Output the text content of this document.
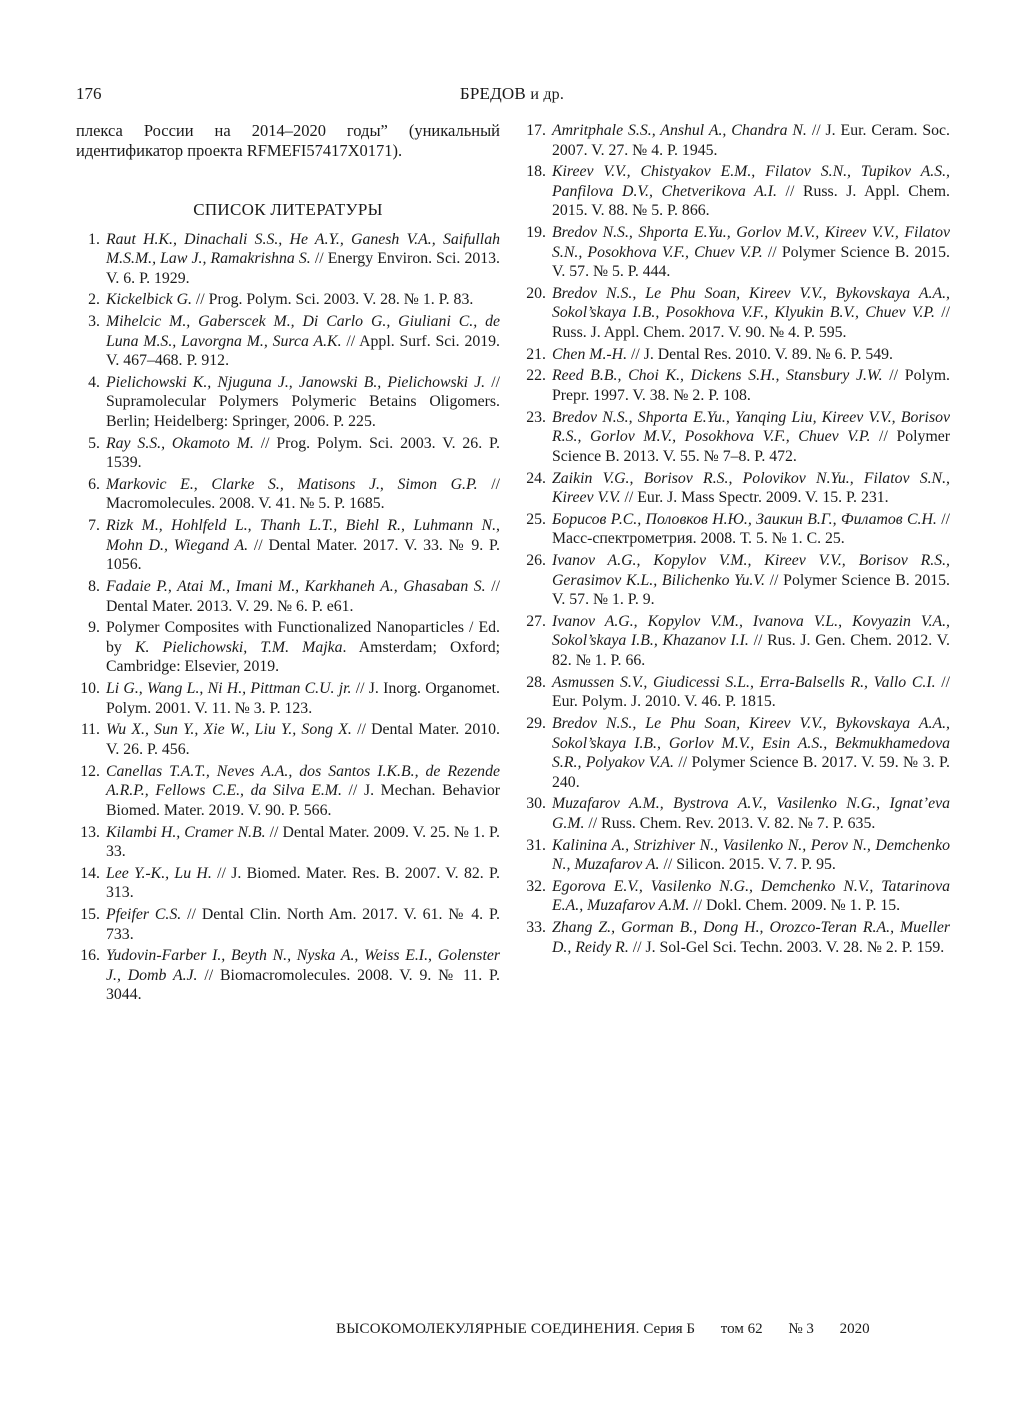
176	БРЕДОВ и др.

плекса России на 2014–2020 годы” (уникальный идентификатор проекта RFMEFI57417X0171).

СПИСОК ЛИТЕРАТУРЫ
1. Raut H.K., Dinachali S.S., He A.Y., Ganesh V.A., Saifullah M.S.M., Law J., Ramakrishna S. // Energy Environ. Sci. 2013. V. 6. P. 1929.
2. Kickelbick G. // Prog. Polym. Sci. 2003. V. 28. № 1. P. 83.
3. Mihelcic M., Gaberscek M., Di Carlo G., Giuliani C., de Luna M.S., Lavorgna M., Surca A.K. // Appl. Surf. Sci. 2019. V. 467–468. P. 912.
4. Pielichowski K., Njuguna J., Janowski B., Pielichowski J. // Supramolecular Polymers Polymeric Betains Oligomers. Berlin; Heidelberg: Springer, 2006. P. 225.
5. Ray S.S., Okamoto M. // Prog. Polym. Sci. 2003. V. 26. P. 1539.
6. Markovic E., Clarke S., Matisons J., Simon G.P. // Macromolecules. 2008. V. 41. № 5. P. 1685.
7. Rizk M., Hohlfeld L., Thanh L.T., Biehl R., Luhmann N., Mohn D., Wiegand A. // Dental Mater. 2017. V. 33. № 9. P. 1056.
8. Fadaie P., Atai M., Imani M., Karkhaneh A., Ghasaban S. // Dental Mater. 2013. V. 29. № 6. P. e61.
9. Polymer Composites with Functionalized Nanoparticles / Ed. by K. Pielichowski, T.M. Majka. Amsterdam; Oxford; Cambridge: Elsevier, 2019.
10. Li G., Wang L., Ni H., Pittman C.U. jr. // J. Inorg. Organomet. Polym. 2001. V. 11. № 3. P. 123.
11. Wu X., Sun Y., Xie W., Liu Y., Song X. // Dental Mater. 2010. V. 26. P. 456.
12. Canellas T.A.T., Neves A.A., dos Santos I.K.B., de Rezende A.R.P., Fellows C.E., da Silva E.M. // J. Mechan. Behavior Biomed. Mater. 2019. V. 90. P. 566.
13. Kilambi H., Cramer N.B. // Dental Mater. 2009. V. 25. № 1. P. 33.
14. Lee Y.-K., Lu H. // J. Biomed. Mater. Res. B. 2007. V. 82. P. 313.
15. Pfeifer C.S. // Dental Clin. North Am. 2017. V. 61. № 4. P. 733.
16. Yudovin-Farber I., Beyth N., Nyska A., Weiss E.I., Golenster J., Domb A.J. // Biomacromolecules. 2008. V. 9. № 11. P. 3044.
17. Amritphale S.S., Anshul A., Chandra N. // J. Eur. Ceram. Soc. 2007. V. 27. № 4. P. 1945.
18. Kireev V.V., Chistyakov E.M., Filatov S.N., Tupikov A.S., Panfilova D.V., Chetverikova A.I. // Russ. J. Appl. Chem. 2015. V. 88. № 5. P. 866.
19. Bredov N.S., Shporta E.Yu., Gorlov M.V., Kireev V.V., Filatov S.N., Posokhova V.F., Chuev V.P. // Polymer Science B. 2015. V. 57. № 5. P. 444.
20. Bredov N.S., Le Phu Soan, Kireev V.V., Bykovskaya A.A., Sokol’skaya I.B., Posokhova V.F., Klyukin B.V., Chuev V.P. // Russ. J. Appl. Chem. 2017. V. 90. № 4. P. 595.
21. Chen M.-H. // J. Dental Res. 2010. V. 89. № 6. P. 549.
22. Reed B.B., Choi K., Dickens S.H., Stansbury J.W. // Polym. Prepr. 1997. V. 38. № 2. P. 108.
23. Bredov N.S., Shporta E.Yu., Yanqing Liu, Kireev V.V., Borisov R.S., Gorlov M.V., Posokhova V.F., Chuev V.P. // Polymer Science B. 2013. V. 55. № 7–8. P. 472.
24. Zaikin V.G., Borisov R.S., Polovikov N.Yu., Filatov S.N., Kireev V.V. // Eur. J. Mass Spectr. 2009. V. 15. P. 231.
25. Борисов Р.С., Половков Н.Ю., Заикин В.Г., Филатов С.Н. // Масс-спектрометрия. 2008. Т. 5. № 1. С. 25.
26. Ivanov A.G., Kopylov V.M., Kireev V.V., Borisov R.S., Gerasimov K.L., Bilichenko Yu.V. // Polymer Science B. 2015. V. 57. № 1. P. 9.
27. Ivanov A.G., Kopylov V.M., Ivanova V.L., Kovyazin V.A., Sokol’skaya I.B., Khazanov I.I. // Rus. J. Gen. Chem. 2012. V. 82. № 1. P. 66.
28. Asmussen S.V., Giudicessi S.L., Erra-Balsells R., Vallo C.I. // Eur. Polym. J. 2010. V. 46. P. 1815.
29. Bredov N.S., Le Phu Soan, Kireev V.V., Bykovskaya A.A., Sokol’skaya I.B., Gorlov M.V., Esin A.S., Bekmukhamedova S.R., Polyakov V.A. // Polymer Science B. 2017. V. 59. № 3. P. 240.
30. Muzafarov A.M., Bystrova A.V., Vasilenko N.G., Ignat’eva G.M. // Russ. Chem. Rev. 2013. V. 82. № 7. P. 635.
31. Kalinina A., Strizhiver N., Vasilenko N., Perov N., Demchenko N., Muzafarov A. // Silicon. 2015. V. 7. P. 95.
32. Egorova E.V., Vasilenko N.G., Demchenko N.V., Tatarinova E.A., Muzafarov A.M. // Dokl. Chem. 2009. № 1. P. 15.
33. Zhang Z., Gorman B., Dong H., Orozco-Teran R.A., Mueller D., Reidy R. // J. Sol-Gel Sci. Techn. 2003. V. 28. № 2. P. 159.
ВЫСОКОМОЛЕКУЛЯРНЫЕ СОЕДИНЕНИЯ. Серия Б том 62 № 3 2020
